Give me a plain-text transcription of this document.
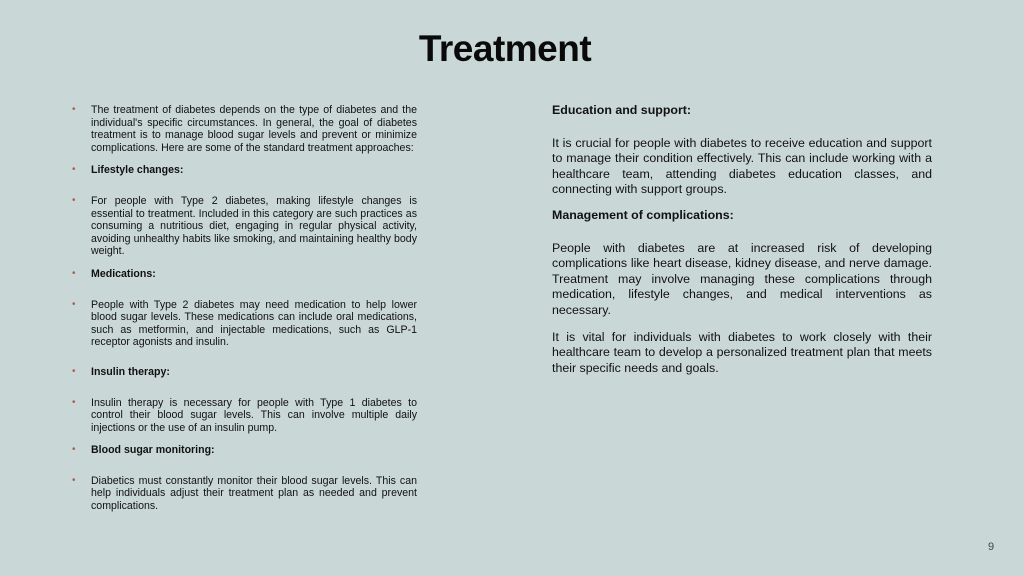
Treatment
• The treatment of diabetes depends on the type of diabetes and the individual's specific circumstances. In general, the goal of diabetes treatment is to manage blood sugar levels and prevent or minimize complications. Here are some of the standard treatment approaches:
• Lifestyle changes:
• For people with Type 2 diabetes, making lifestyle changes is essential to treatment. Included in this category are such practices as consuming a nutritious diet, engaging in regular physical activity, avoiding unhealthy habits like smoking, and maintaining healthy body weight.
• Medications:
• People with Type 2 diabetes may need medication to help lower blood sugar levels. These medications can include oral medications, such as metformin, and injectable medications, such as GLP-1 receptor agonists and insulin.
• Insulin therapy:
• Insulin therapy is necessary for people with Type 1 diabetes to control their blood sugar levels. This can involve multiple daily injections or the use of an insulin pump.
• Blood sugar monitoring:
• Diabetics must constantly monitor their blood sugar levels. This can help individuals adjust their treatment plan as needed and prevent complications.
Education and support:
It is crucial for people with diabetes to receive education and support to manage their condition effectively. This can include working with a healthcare team, attending diabetes education classes, and connecting with support groups.
Management of complications:
People with diabetes are at increased risk of developing complications like heart disease, kidney disease, and nerve damage. Treatment may involve managing these complications through medication, lifestyle changes, and medical interventions as necessary.
It is vital for individuals with diabetes to work closely with their healthcare team to develop a personalized treatment plan that meets their specific needs and goals.
9
